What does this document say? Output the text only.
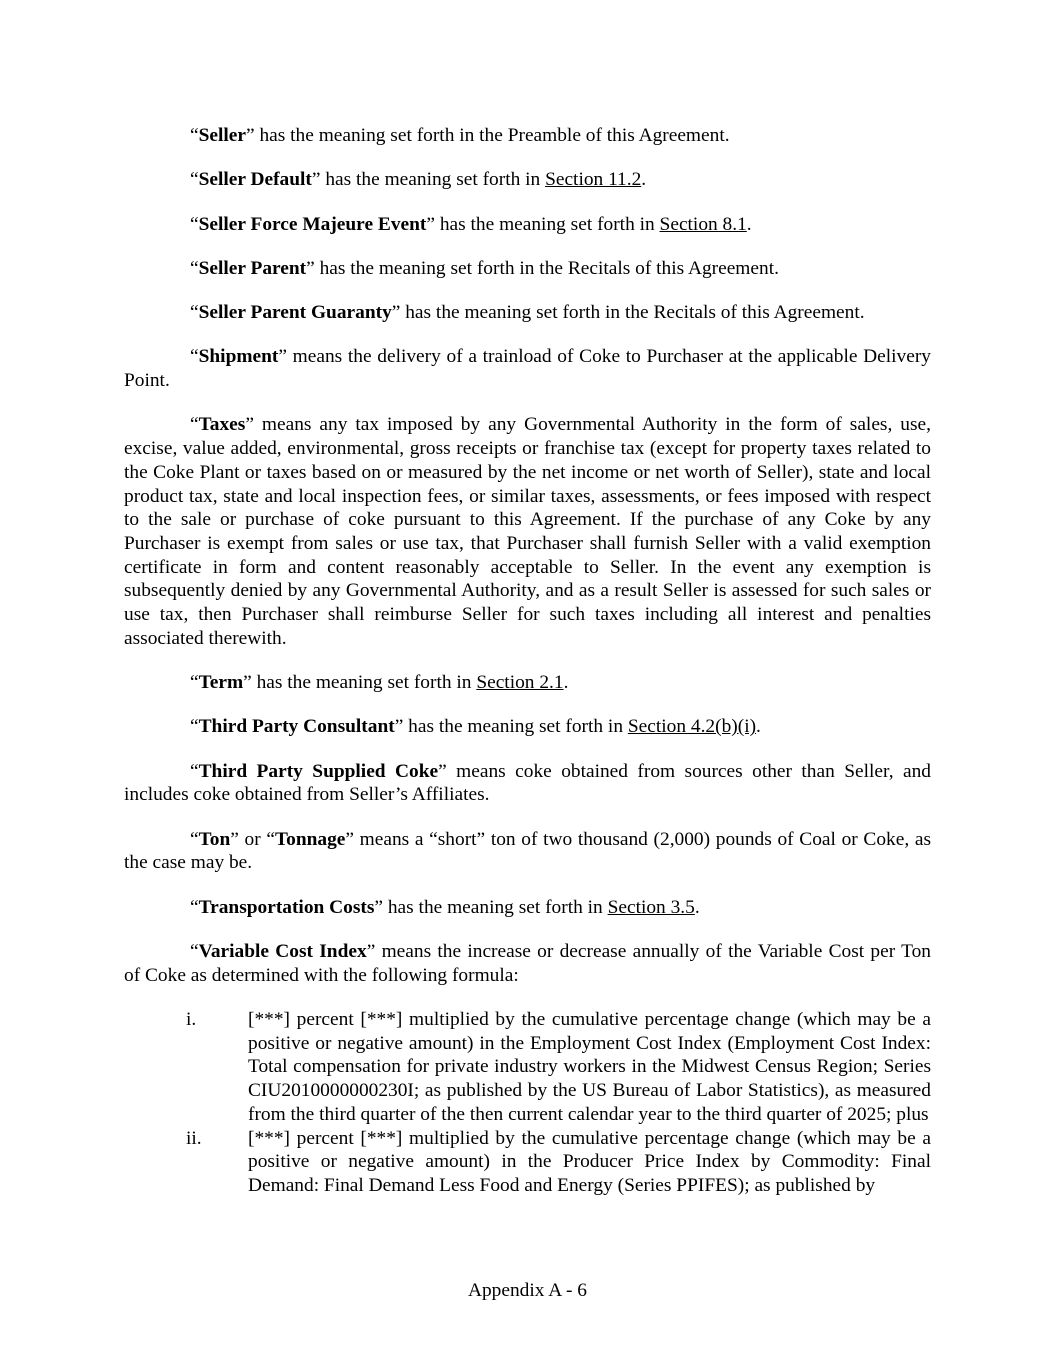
“Seller” has the meaning set forth in the Preamble of this Agreement.

“Seller Default” has the meaning set forth in Section 11.2.

“Seller Force Majeure Event” has the meaning set forth in Section 8.1.

“Seller Parent” has the meaning set forth in the Recitals of this Agreement.

“Seller Parent Guaranty” has the meaning set forth in the Recitals of this Agreement.

“Shipment” means the delivery of a trainload of Coke to Purchaser at the applicable Delivery Point.

“Taxes” means any tax imposed by any Governmental Authority in the form of sales, use, excise, value added, environmental, gross receipts or franchise tax (except for property taxes related to the Coke Plant or taxes based on or measured by the net income or net worth of Seller), state and local product tax, state and local inspection fees, or similar taxes, assessments, or fees imposed with respect to the sale or purchase of coke pursuant to this Agreement. If the purchase of any Coke by any Purchaser is exempt from sales or use tax, that Purchaser shall furnish Seller with a valid exemption certificate in form and content reasonably acceptable to Seller. In the event any exemption is subsequently denied by any Governmental Authority, and as a result Seller is assessed for such sales or use tax, then Purchaser shall reimburse Seller for such taxes including all interest and penalties associated therewith.

“Term” has the meaning set forth in Section 2.1.

“Third Party Consultant” has the meaning set forth in Section 4.2(b)(i).

“Third Party Supplied Coke” means coke obtained from sources other than Seller, and includes coke obtained from Seller’s Affiliates.

“Ton” or “Tonnage” means a “short” ton of two thousand (2,000) pounds of Coal or Coke, as the case may be.

“Transportation Costs” has the meaning set forth in Section 3.5.

“Variable Cost Index” means the increase or decrease annually of the Variable Cost per Ton of Coke as determined with the following formula:

i.	[***] percent [***] multiplied by the cumulative percentage change (which may be a positive or negative amount) in the Employment Cost Index (Employment Cost Index: Total compensation for private industry workers in the Midwest Census Region; Series CIU2010000000230I; as published by the US Bureau of Labor Statistics), as measured from the third quarter of the then current calendar year to the third quarter of 2025; plus

ii. [***] percent [***] multiplied by the cumulative percentage change (which may be a positive or negative amount) in the Producer Price Index by Commodity: Final Demand: Final Demand Less Food and Energy (Series PPIFES); as published by

Appendix A - 6
